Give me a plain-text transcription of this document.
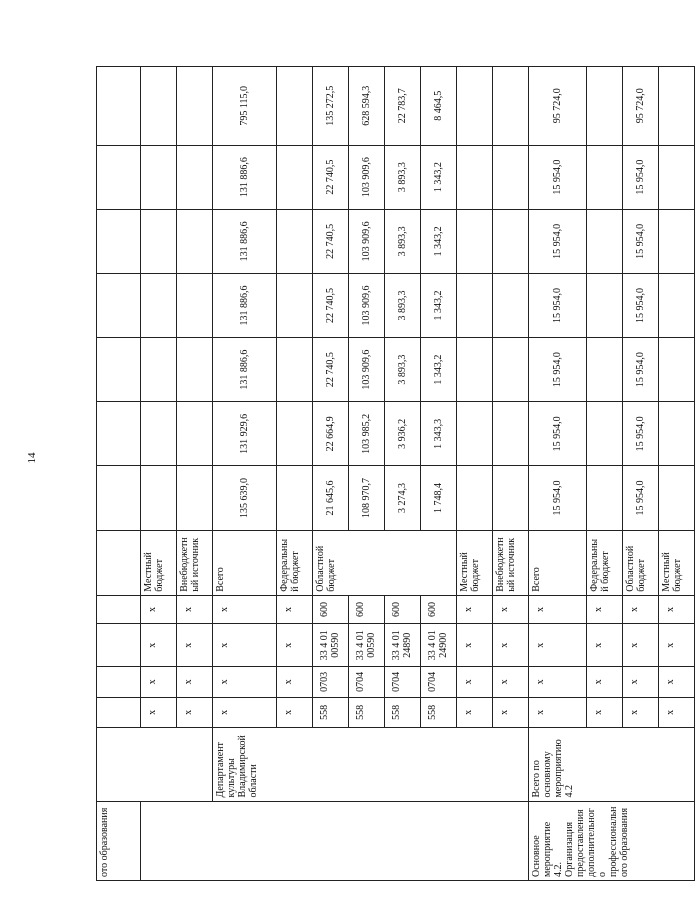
14
ото образования													
		x	x	x	x	Местный бюджет							
		x	x	x	x	Внебюджетный источник							
	Департамент культуры Владимирской области	x	x	x	x	Всего	135 639,0	131 929,6	131 886,6	131 886,6	131 886,6	131 886,6	795 115,0
		x	x	x	x	Федеральный бюджет							
		558	0703	33 4 01 00590	600	Областной бюджет	21 645,6	22 664,9	22 740,5	22 740,5	22 740,5	22 740,5	135 272,5
		558	0704	33 4 01 00590	600		108 970,7	103 985,2	103 909,6	103 909,6	103 909,6	103 909,6	628 594,3
		558	0704	33 4 01 24890	600		3 274,3	3 936,2	3 893,3	3 893,3	3 893,3	3 893,3	22 783,7
		558	0704	33 4 01 24900	600		1 748,4	1 343,3	1 343,2	1 343,2	1 343,2	1 343,2	8 464,5
		x	x	x	x	Местный бюджет							
		x	x	x	x	Внебюджетный источник							
Основное мероприятие 4.2. Организация предоставления дополнительного профессионального образования	Всего по основному мероприятию 4.2	x	x	x	x	Всего	15 954,0	15 954,0	15 954,0	15 954,0	15 954,0	15 954,0	95 724,0
		x	x	x	x	Федеральный бюджет							
		x	x	x	x	Областной бюджет	15 954,0	15 954,0	15 954,0	15 954,0	15 954,0	15 954,0	95 724,0
		x	x	x	x	Местный бюджет							
